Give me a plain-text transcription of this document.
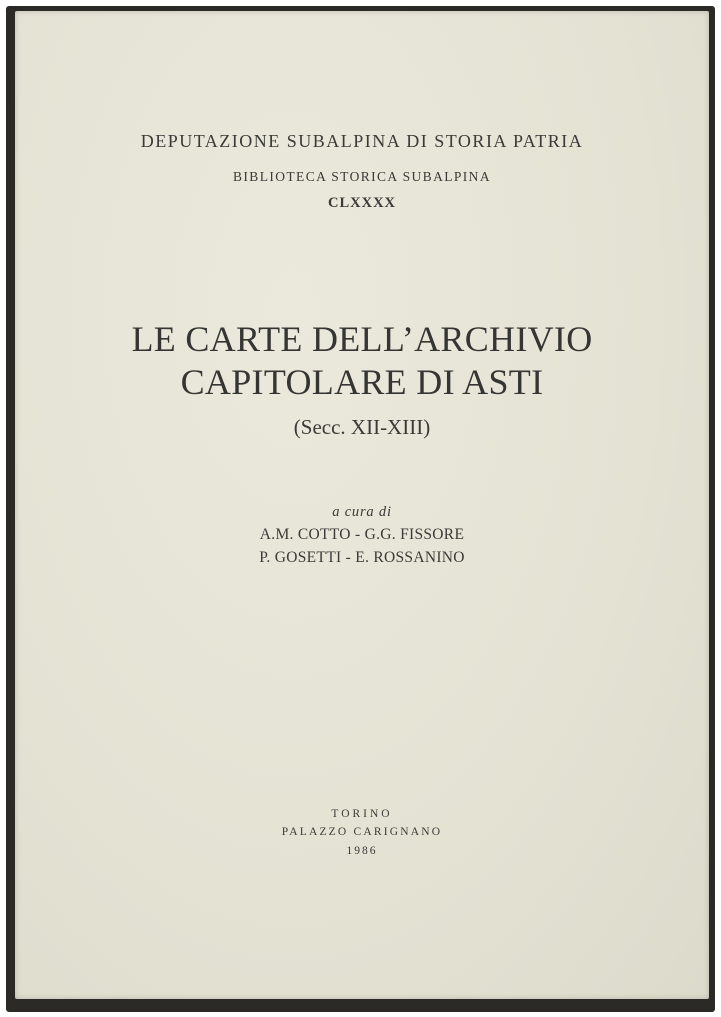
DEPUTAZIONE SUBALPINA DI STORIA PATRIA
BIBLIOTECA STORICA SUBALPINA
CLXXXX
LE CARTE DELL’ARCHIVIO
CAPITOLARE DI ASTI
(Secc. XII-XIII)
a cura di
A.M. COTTO - G.G. FISSORE
P. GOSETTI - E. ROSSANINO
TORINO
PALAZZO CARIGNANO
1986
